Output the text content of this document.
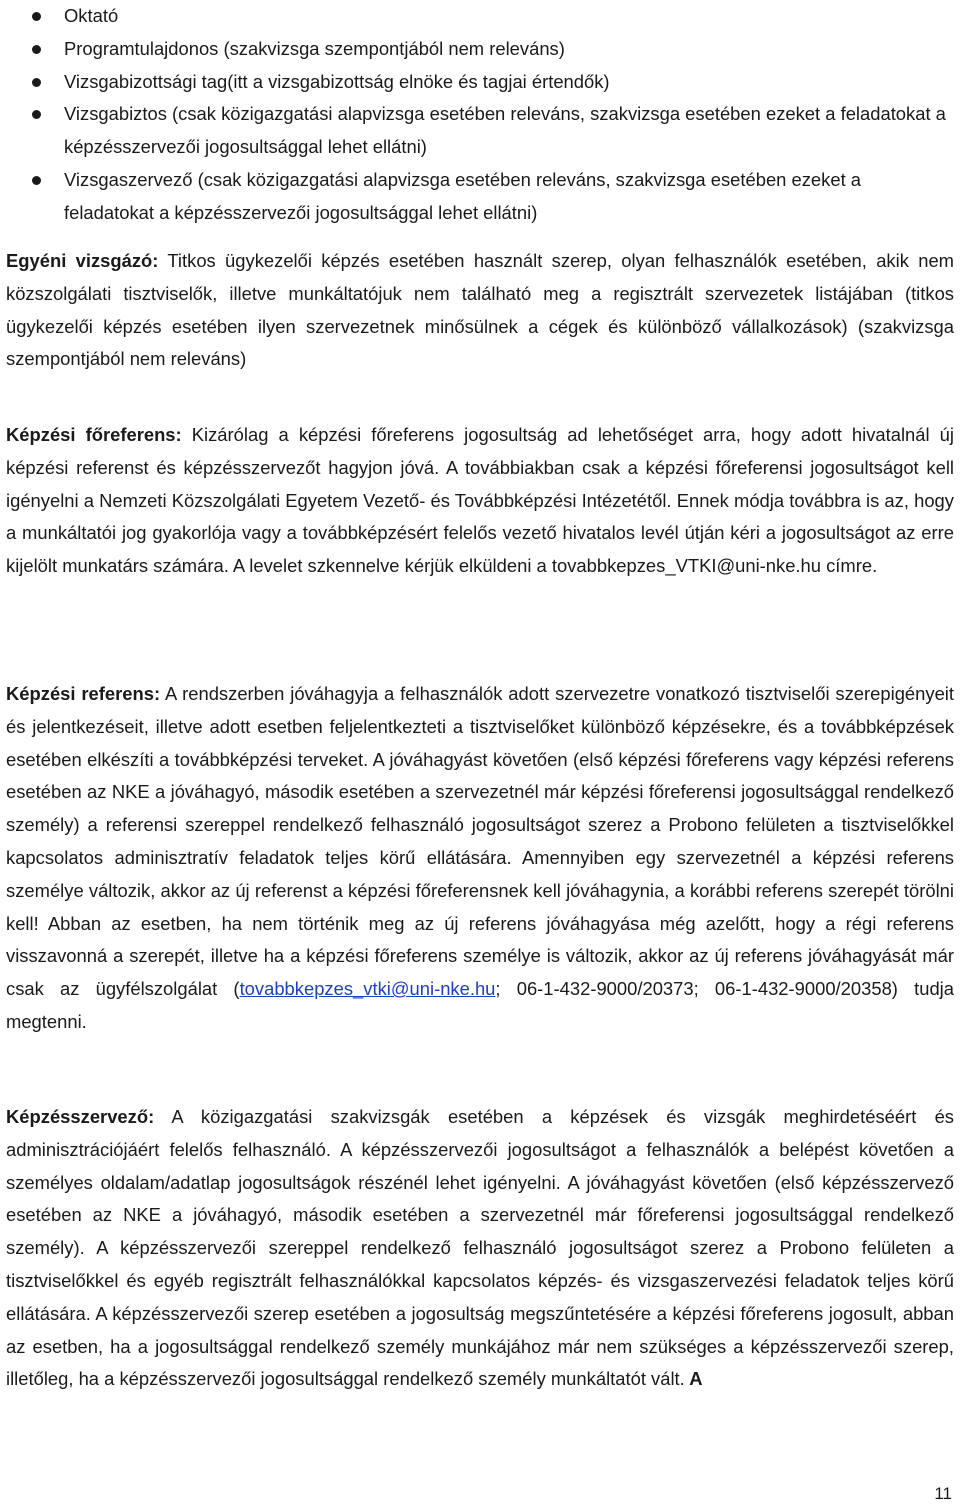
Oktató
Programtulajdonos (szakvizsga szempontjából nem releváns)
Vizsgabizottsági tag(itt a vizsgabizottság elnöke és tagjai értendők)
Vizsgabiztos (csak közigazgatási alapvizsga esetében releváns, szakvizsga esetében ezeket a feladatokat a képzésszervezői jogosultsággal lehet ellátni)
Vizsgaszervező (csak közigazgatási alapvizsga esetében releváns, szakvizsga esetében ezeket a feladatokat a képzésszervezői jogosultsággal lehet ellátni)

Egyéni vizsgázó: Titkos ügykezelői képzés esetében használt szerep, olyan felhasználók esetében, akik nem közszolgálati tisztviselők, illetve munkáltatójuk nem található meg a regisztrált szervezetek listájában (titkos ügykezelői képzés esetében ilyen szervezetnek minősülnek a cégek és különböző vállalkozások) (szakvizsga szempontjából nem releváns)

Képzési főreferens: Kizárólag a képzési főreferens jogosultság ad lehetőséget arra, hogy adott hivatalnál új képzési referenst és képzésszervezőt hagyjon jóvá. A továbbiakban csak a képzési főreferensi jogosultságot kell igényelni a Nemzeti Közszolgálati Egyetem Vezető- és Továbbképzési Intézetétől. Ennek módja továbbra is az, hogy a munkáltatói jog gyakorlója vagy a továbbképzésért felelős vezető hivatalos levél útján kéri a jogosultságot az erre kijelölt munkatárs számára. A levelet szkennelve kérjük elküldeni a tovabbkepzes_VTKI@uni-nke.hu címre.

Képzési referens: A rendszerben jóváhagyja a felhasználók adott szervezetre vonatkozó tisztviselői szerepigényeit és jelentkezéseit, illetve adott esetben feljelentkezteti a tisztviselőket különböző képzésekre, és a továbbképzések esetében elkészíti a továbbképzési terveket. A jóváhagyást követően (első képzési főreferens vagy képzési referens esetében az NKE a jóváhagyó, második esetében a szervezetnél már képzési főreferensi jogosultsággal rendelkező személy) a referensi szereppel rendelkező felhasználó jogosultságot szerez a Probono felületen a tisztviselőkkel kapcsolatos adminisztratív feladatok teljes körű ellátására. Amennyiben egy szervezetnél a képzési referens személye változik, akkor az új referenst a képzési főreferensnek kell jóváhagynia, a korábbi referens szerepét törölni kell! Abban az esetben, ha nem történik meg az új referens jóváhagyása még azelőtt, hogy a régi referens visszavonná a szerepét, illetve ha a képzési főreferens személye is változik, akkor az új referens jóváhagyását már csak az ügyfélszolgálat (tovabbkepzes_vtki@uni-nke.hu; 06-1-432-9000/20373; 06-1-432-9000/20358) tudja megtenni.

Képzésszervező: A közigazgatási szakvizsgák esetében a képzések és vizsgák meghirdetéséért és adminisztrációjáért felelős felhasználó. A képzésszervezői jogosultságot a felhasználók a belépést követően a személyes oldalam/adatlap jogosultságok részénél lehet igényelni. A jóváhagyást követően (első képzésszervező esetében az NKE a jóváhagyó, második esetében a szervezetnél már főreferensi jogosultsággal rendelkező személy). A képzésszervezői szereppel rendelkező felhasználó jogosultságot szerez a Probono felületen a tisztviselőkkel és egyéb regisztrált felhasználókkal kapcsolatos képzés- és vizsgaszervezési feladatok teljes körű ellátására. A képzésszervezői szerep esetében a jogosultság megszűntetésére a képzési főreferens jogosult, abban az esetben, ha a jogosultsággal rendelkező személy munkájához már nem szükséges a képzésszervezői szerep, illetőleg, ha a képzésszervezői jogosultsággal rendelkező személy munkáltatót vált. A

11
